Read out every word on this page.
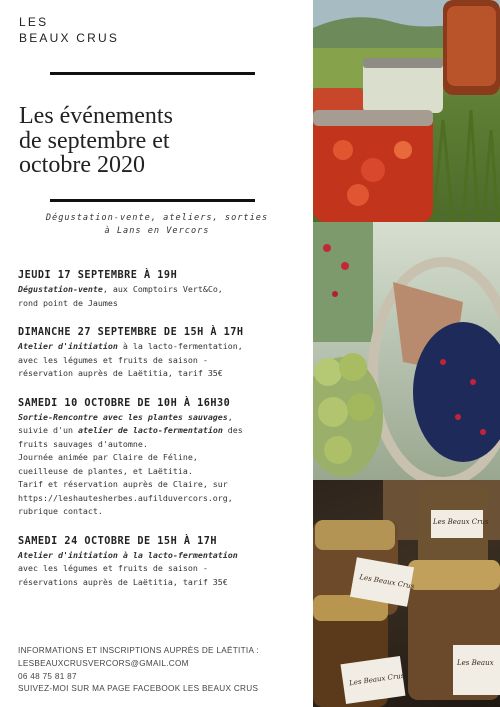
LES
BEAUX CRUS
Les événements
de septembre et
octobre 2020
Dégustation-vente, ateliers, sorties
à Lans en Vercors
JEUDI 17 SEPTEMBRE À 19H
Dégustation-vente, aux Comptoirs Vert&Co,
rond point de Jaumes
DIMANCHE 27 SEPTEMBRE DE 15H À 17H
Atelier d'initiation à la lacto-fermentation,
avec les légumes et fruits de saison -
réservation auprès de Laëtitia, tarif 35€
SAMEDI 10 OCTOBRE DE 10H À 16H30
Sortie-Rencontre avec les plantes sauvages,
suivie d'un atelier de lacto-fermentation des
fruits sauvages d'automne.
Journée animée par Claire de Féline,
cueilleuse de plantes, et Laëtitia.
Tarif et réservation auprès de Claire, sur
https://leshautesherbes.aufilduvercors.org,
rubrique contact.
SAMEDI 24 OCTOBRE DE 15H À 17H
Atelier d'initiation à la lacto-fermentation
avec les légumes et fruits de saison -
réservations auprès de Laëtitia, tarif 35€
INFORMATIONS ET INSCRIPTIONS AUPRÈS DE LAËTITIA :
LESBEAUXCRUSVERCORS@GMAIL.COM
06 48 75 81 87
SUIVEZ-MOI SUR MA PAGE FACEBOOK LES BEAUX CRUS
Les Beaux Crus
Les Beaux Crus
Les Beaux Crus
Les Beaux
